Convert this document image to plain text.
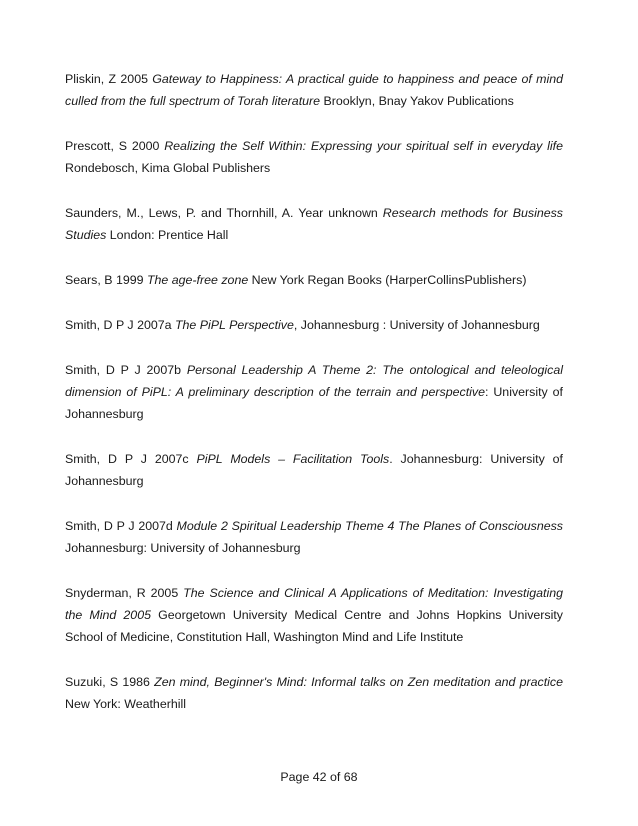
Pliskin, Z 2005 Gateway to Happiness: A practical guide to happiness and peace of mind culled from the full spectrum of Torah literature Brooklyn, Bnay Yakov Publications

Prescott, S 2000 Realizing the Self Within: Expressing your spiritual self in everyday life Rondebosch, Kima Global Publishers

Saunders, M., Lews, P. and Thornhill, A. Year unknown Research methods for Business Studies London: Prentice Hall

Sears, B 1999 The age-free zone New York Regan Books (HarperCollinsPublishers)

Smith, D P J 2007a The PiPL Perspective, Johannesburg : University of Johannesburg

Smith, D P J 2007b Personal Leadership A Theme 2: The ontological and teleological dimension of PiPL: A preliminary description of the terrain and perspective: University of Johannesburg

Smith, D P J 2007c PiPL Models – Facilitation Tools. Johannesburg: University of Johannesburg

Smith, D P J 2007d Module 2 Spiritual Leadership Theme 4 The Planes of Consciousness Johannesburg: University of Johannesburg

Snyderman, R 2005 The Science and Clinical A Applications of Meditation: Investigating the Mind 2005 Georgetown University Medical Centre and Johns Hopkins University School of Medicine, Constitution Hall, Washington Mind and Life Institute

Suzuki, S 1986 Zen mind, Beginner's Mind: Informal talks on Zen meditation and practice New York: Weatherhill

Page 42 of 68
